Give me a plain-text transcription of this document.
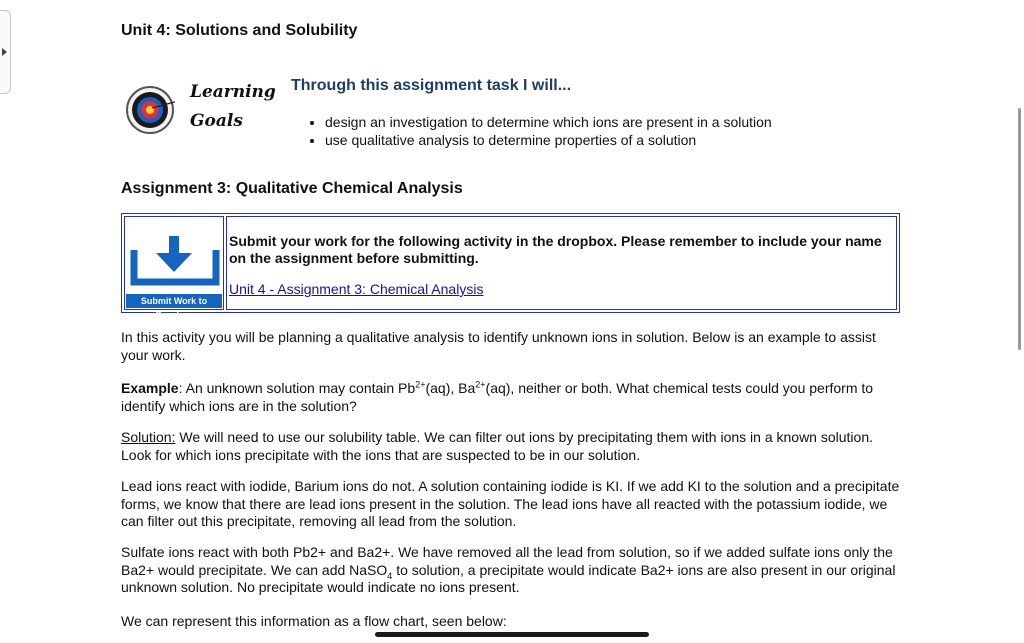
Unit 4: Solutions and Solubility
Learning
Goals
Through this assignment task I will...
• design an investigation to determine which ions are present in a solution
• use qualitative analysis to determine properties of a solution
Assignment 3: Qualitative Chemical Analysis
Submit Work to Dropbox

Submit your work for the following activity in the dropbox. Please remember to include your name on the assignment before submitting.

Unit 4 - Assignment 3: Chemical Analysis

In this activity you will be planning a qualitative analysis to identify unknown ions in solution. Below is an example to assist your work.

Example: An unknown solution may contain $Pb^{2+}(aq)$, $Ba^{2+}(aq)$, neither or both. What chemical tests could you perform to identify which ions are in the solution?

Solution: We will need to use our solubility table. We can filter out ions by precipitating them with ions in a known solution. Look for which ions precipitate with the ions that are suspected to be in our solution.

Lead ions react with iodide, Barium ions do not. A solution containing iodide is KI. If we add KI to the solution and a precipitate forms, we know that there are lead ions present in the solution. The lead ions have all reacted with the potassium iodide, we can filter out this precipitate, removing all lead from the solution.

Sulfate ions react with both Pb2+ and Ba2+. We have removed all the lead from solution, so if we added sulfate ions only the Ba2+ would precipitate. We can add NaSO$_4$ to solution, a precipitate would indicate Ba2+ ions are also present in our original unknown solution. No precipitate would indicate no ions present.

We can represent this information as a flow chart, seen below:
